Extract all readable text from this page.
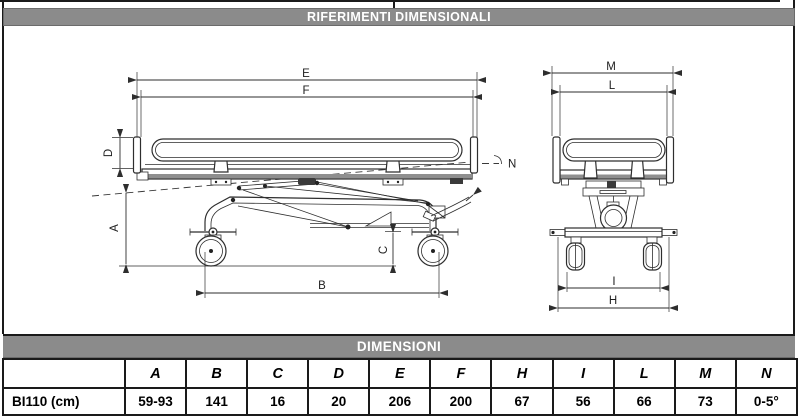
RIFERIMENTI DIMENSIONALI
E
F
N
D
A
C
B
M
L
I
H
DIMENSIONI
	A	B	C	D	E	F	H	I	L	M	N
BI110 (cm)	59-93	141	16	20	206	200	67	56	66	73	0-5°
